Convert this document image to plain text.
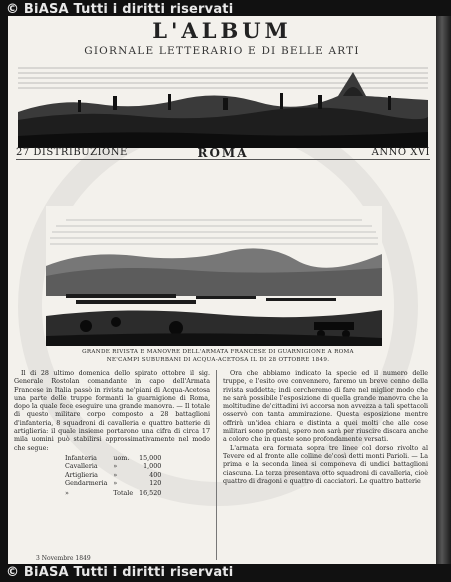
© BiASA Tutti i diritti riservati
L'ALBUM
GIORNALE LETTERARIO E DI BELLE ARTI
27 DISTRIBUZIONE	ROMA	ANNO XVI
GRANDE RIVISTA E MANOVRE DELL'ARMATA FRANCESE DI GUARNIGIONE A ROMA
NE'CAMPI SUBURBANI DI ACQUA-ACETOSA IL DI 28 OTTOBRE 1849.

Il di 28 ultimo domenica dello spirato ottobre il sig. Generale Rostolan comandante in capo dell'Armata Francese in Italia passò in rivista ne'piani di Acqua-Acetosa una parte delle truppe formanti la guarnigione di Roma, dopo la quale fece eseguire una grande manovra. — Il totale di questo militare corpo composto a 28 battaglioni d'infanteria, 8 squadroni di cavalleria e quattro batterie di artiglieria: il quale insieme portarono una cifra di circa 17 mila uomini può stabilirsi approssimativamente nel modo che segue:

Infanteria	uom.	15,000
Cavalleria	»	1,000
Artiglieria	»	400
Gendarmeria	»	120
»	Totale	16,520

Ora che abbiamo indicato la specie ed il numero delle truppe, e l'esito ove convennero, faremo un breve cenno della rivista suddetta; indi cercheremo di fare nel miglior modo che ne sarà possibile l'esposizione di quella grande manovra che la moltitudine de'cittadini ivi accorsa non avvezza a tali spettacoli osservò con tanta ammirazione. Questa esposizione mentre offrirà un'idea chiara e distinta a quei molti che alle cose militari sono profani, spero non sarà per riuscire discara anche a coloro che in queste sono profondamente versati.

L'armata era formata sopra tre linee col dorso rivolto al Tevere ed al fronte alle colline de'così detti monti Parioli. — La prima e la seconda linea si componeva di undici battaglioni ciascuna. La terza presentava otto squadroni di cavalleria, cioè quattro di dragoni e quattro di cacciatori. Le quattro batterie

3 Novembre 1849
© BiASA Tutti i diritti riservati
